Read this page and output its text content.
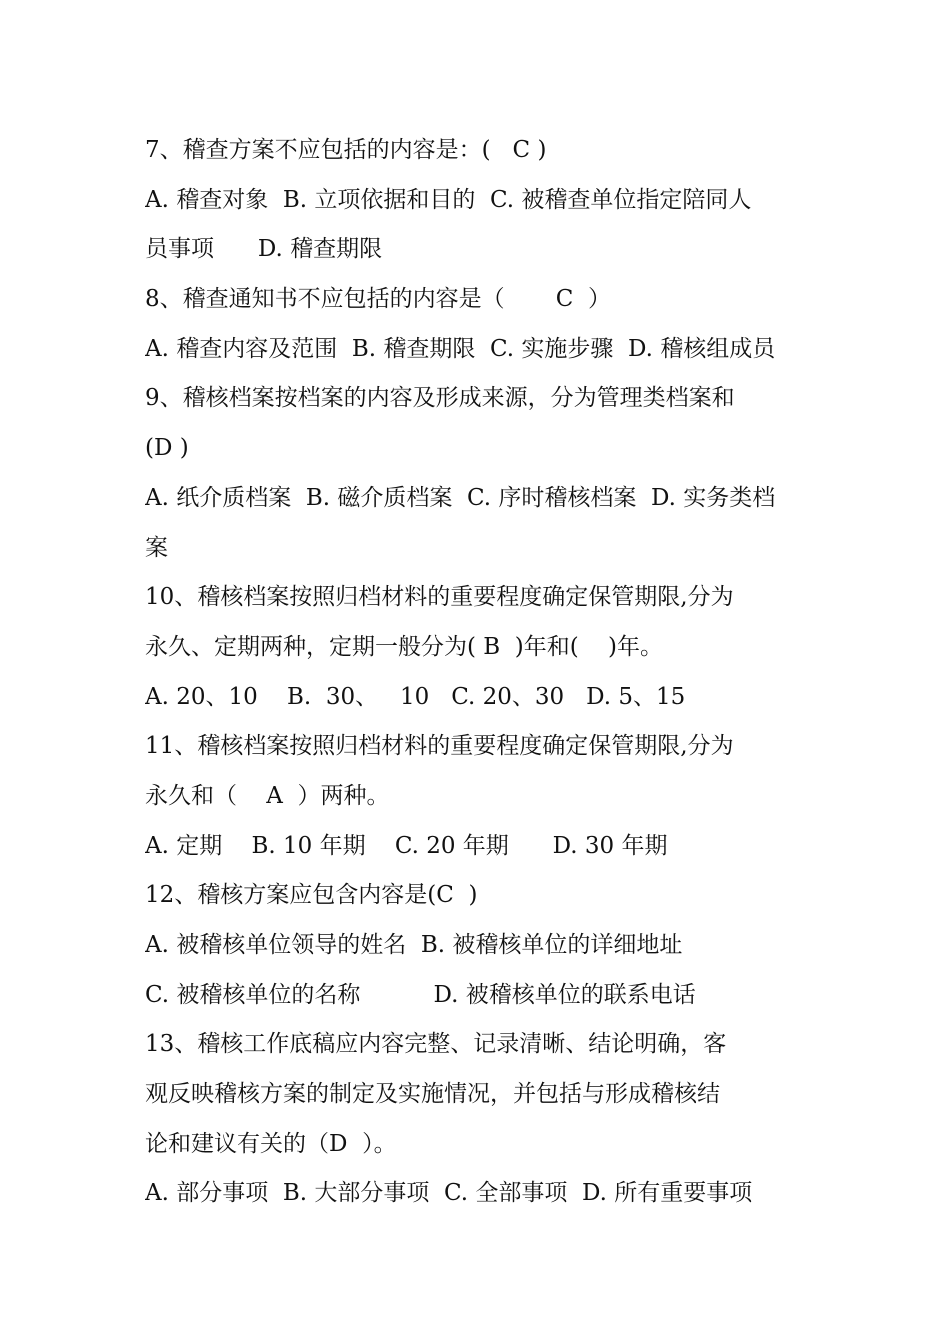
7、稽查方案不应包括的内容是：(   C )
A. 稽查对象  B. 立项依据和目的  C. 被稽查单位指定陪同人
员事项      D. 稽查期限
8、稽查通知书不应包括的内容是（       C  ）
A. 稽查内容及范围  B. 稽查期限  C. 实施步骤  D. 稽核组成员
9、稽核档案按档案的内容及形成来源，分为管理类档案和
(D )
A. 纸介质档案  B. 磁介质档案  C. 序时稽核档案  D. 实务类档
案
10、稽核档案按照归档材料的重要程度确定保管期限,分为
永久、定期两种，定期一般分为( B  )年和(    )年。
A. 20、10    B.  30、   10   C. 20、30   D. 5、15
11、稽核档案按照归档材料的重要程度确定保管期限,分为
永久和（    A  ）两种。
A. 定期    B. 10 年期    C. 20 年期      D. 30 年期
12、稽核方案应包含内容是(C  )
A. 被稽核单位领导的姓名  B. 被稽核单位的详细地址
C. 被稽核单位的名称          D. 被稽核单位的联系电话
13、稽核工作底稿应内容完整、记录清晰、结论明确，客
观反映稽核方案的制定及实施情况，并包括与形成稽核结
论和建议有关的（D  ）。
A. 部分事项  B. 大部分事项  C. 全部事项  D. 所有重要事项
